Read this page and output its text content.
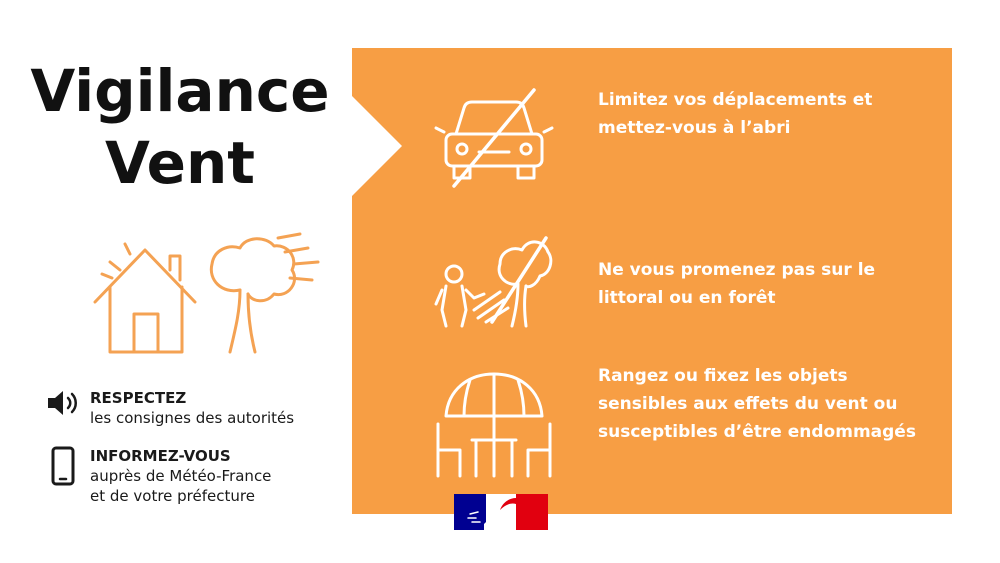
Vigilance
Vent
RESPECTEZ
les consignes des autorités
INFORMEZ-VOUS
auprès de Météo-France
et de votre préfecture
Limitez vos déplacements et
mettez-vous à l’abri
Ne vous promenez pas sur le
littoral ou en forêt
Rangez ou fixez les objets
sensibles aux effets du vent ou
susceptibles d’être endommagés
